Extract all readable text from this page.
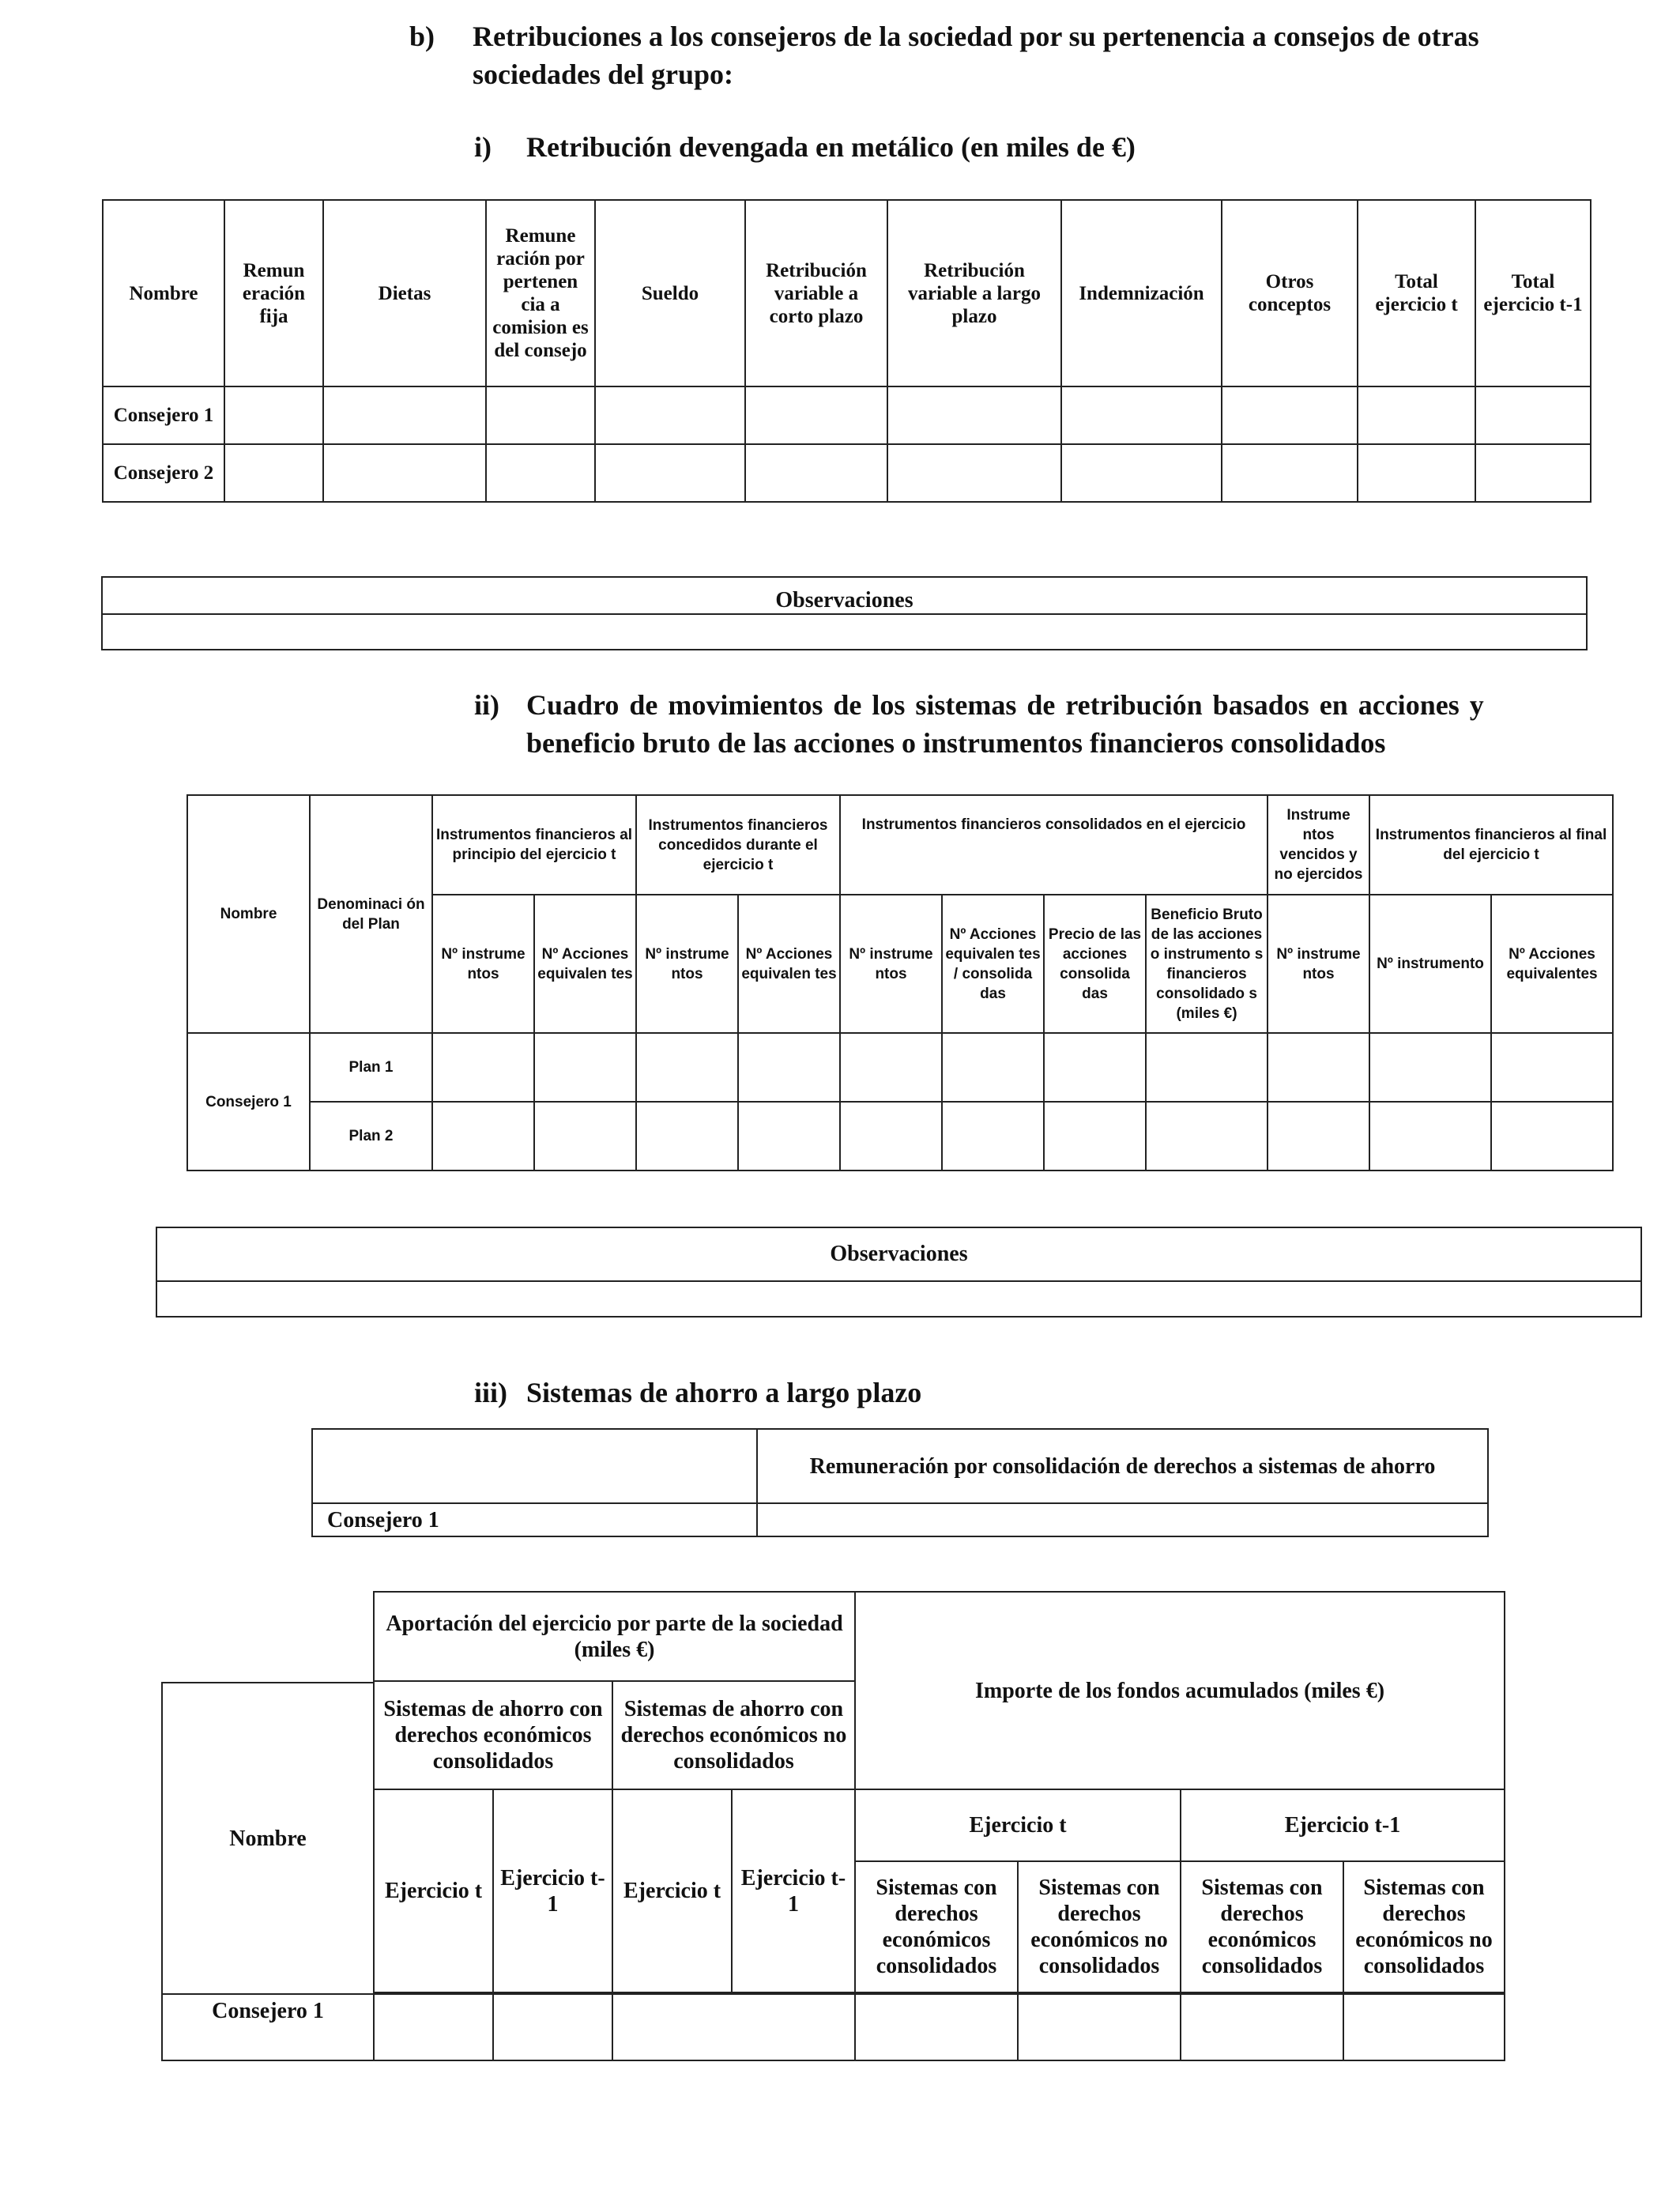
b) Retribuciones a los consejeros de la sociedad por su pertenencia a consejos de otras
sociedades del grupo:
i) Retribución devengada en metálico (en miles de €)
Nombre	Remun eración fija	Dietas	Remune ración por pertenen cia a comision es del consejo	Sueldo	Retribución variable a corto plazo	Retribución variable a largo plazo	Indemnización	Otros conceptos	Total ejercicio t	Total ejercicio t-1
Consejero 1										
Consejero 2										
Observaciones

ii) Cuadro de movimientos de los sistemas de retribución basados en acciones y
beneficio bruto de las acciones o instrumentos financieros consolidados
Nombre	Denominaci ón del Plan	Instrumentos financieros al principio del ejercicio t		Instrumentos financieros concedidos durante el ejercicio t		Instrumentos financieros consolidados en el ejercicio				Instrume ntos vencidos y no ejercidos	Instrumentos financieros al final del ejercicio t	
		Nº instrume ntos	Nº Acciones equivalen tes	Nº instrume ntos	Nº Acciones equivalen tes	Nº instrume ntos	Nº Acciones equivalen tes / consolida das	Precio de las acciones consolida das	Beneficio Bruto de las acciones o instrumento s financieros consolidado s (miles €)	Nº instrume ntos	Nº instrumento	Nº Acciones equivalentes
Consejero 1	Plan 1											
	Plan 2											
Observaciones

iii) Sistemas de ahorro a largo plazo
	Remuneración por consolidación de derechos a sistemas de ahorro
Consejero 1	
	Aportación del ejercicio por parte de la sociedad (miles €)				Importe de los fondos acumulados (miles €)			
Nombre	Sistemas de ahorro con derechos económicos consolidados		Sistemas de ahorro con derechos económicos no consolidados					
	Ejercicio t	Ejercicio t-1	Ejercicio t	Ejercicio t-1	Ejercicio t		Ejercicio t-1	
					Sistemas con derechos económicos consolidados	Sistemas con derechos económicos no consolidados	Sistemas con derechos económicos consolidados	Sistemas con derechos económicos no consolidados
Consejero 1								
